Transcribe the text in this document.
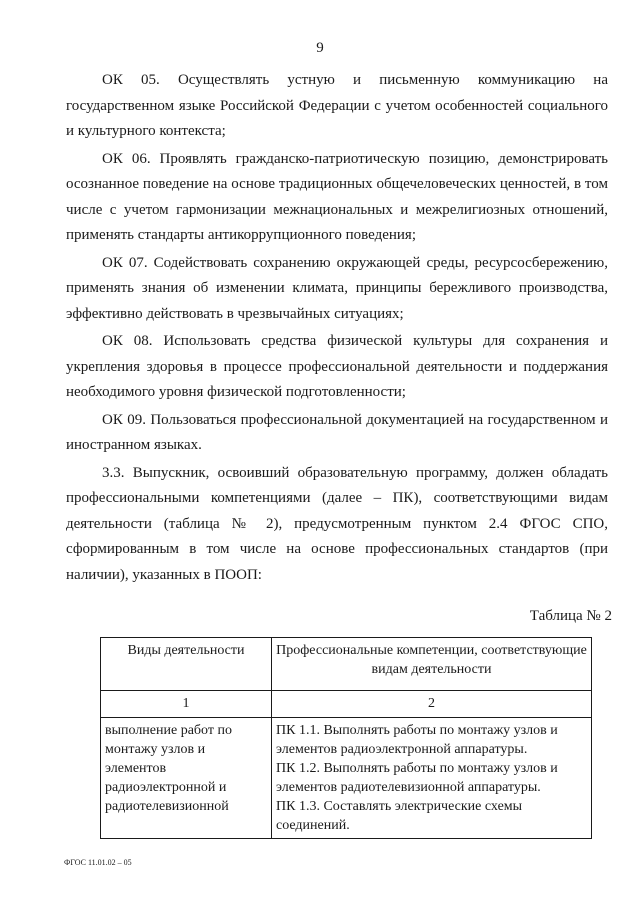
9

ОК 05. Осуществлять устную и письменную коммуникацию на государственном языке Российской Федерации с учетом особенностей социального и культурного контекста;

ОК 06. Проявлять гражданско-патриотическую позицию, демонстрировать осознанное поведение на основе традиционных общечеловеческих ценностей, в том числе с учетом гармонизации межнациональных и межрелигиозных отношений, применять стандарты антикоррупционного поведения;

ОК 07. Содействовать сохранению окружающей среды, ресурсосбережению, применять знания об изменении климата, принципы бережливого производства, эффективно действовать в чрезвычайных ситуациях;

ОК 08. Использовать средства физической культуры для сохранения и укрепления здоровья в процессе профессиональной деятельности и поддержания необходимого уровня физической подготовленности;

ОК 09. Пользоваться профессиональной документацией на государственном и иностранном языках.

3.3. Выпускник, освоивший образовательную программу, должен обладать профессиональными компетенциями (далее – ПК), соответствующими видам деятельности (таблица № 2), предусмотренным пунктом 2.4 ФГОС СПО, сформированным в том числе на основе профессиональных стандартов (при наличии), указанных в ПООП:

Таблица № 2
Виды деятельности	Профессиональные компетенции, соответствующие видам деятельности
1	2
выполнение работ по монтажу узлов и элементов радиоэлектронной и радиотелевизионной	ПК 1.1. Выполнять работы по монтажу узлов и элементов радиоэлектронной аппаратуры.
ПК 1.2. Выполнять работы по монтажу узлов и элементов радиотелевизионной аппаратуры.
ПК 1.3. Составлять электрические схемы соединений.
ФГОС 11.01.02 – 05
